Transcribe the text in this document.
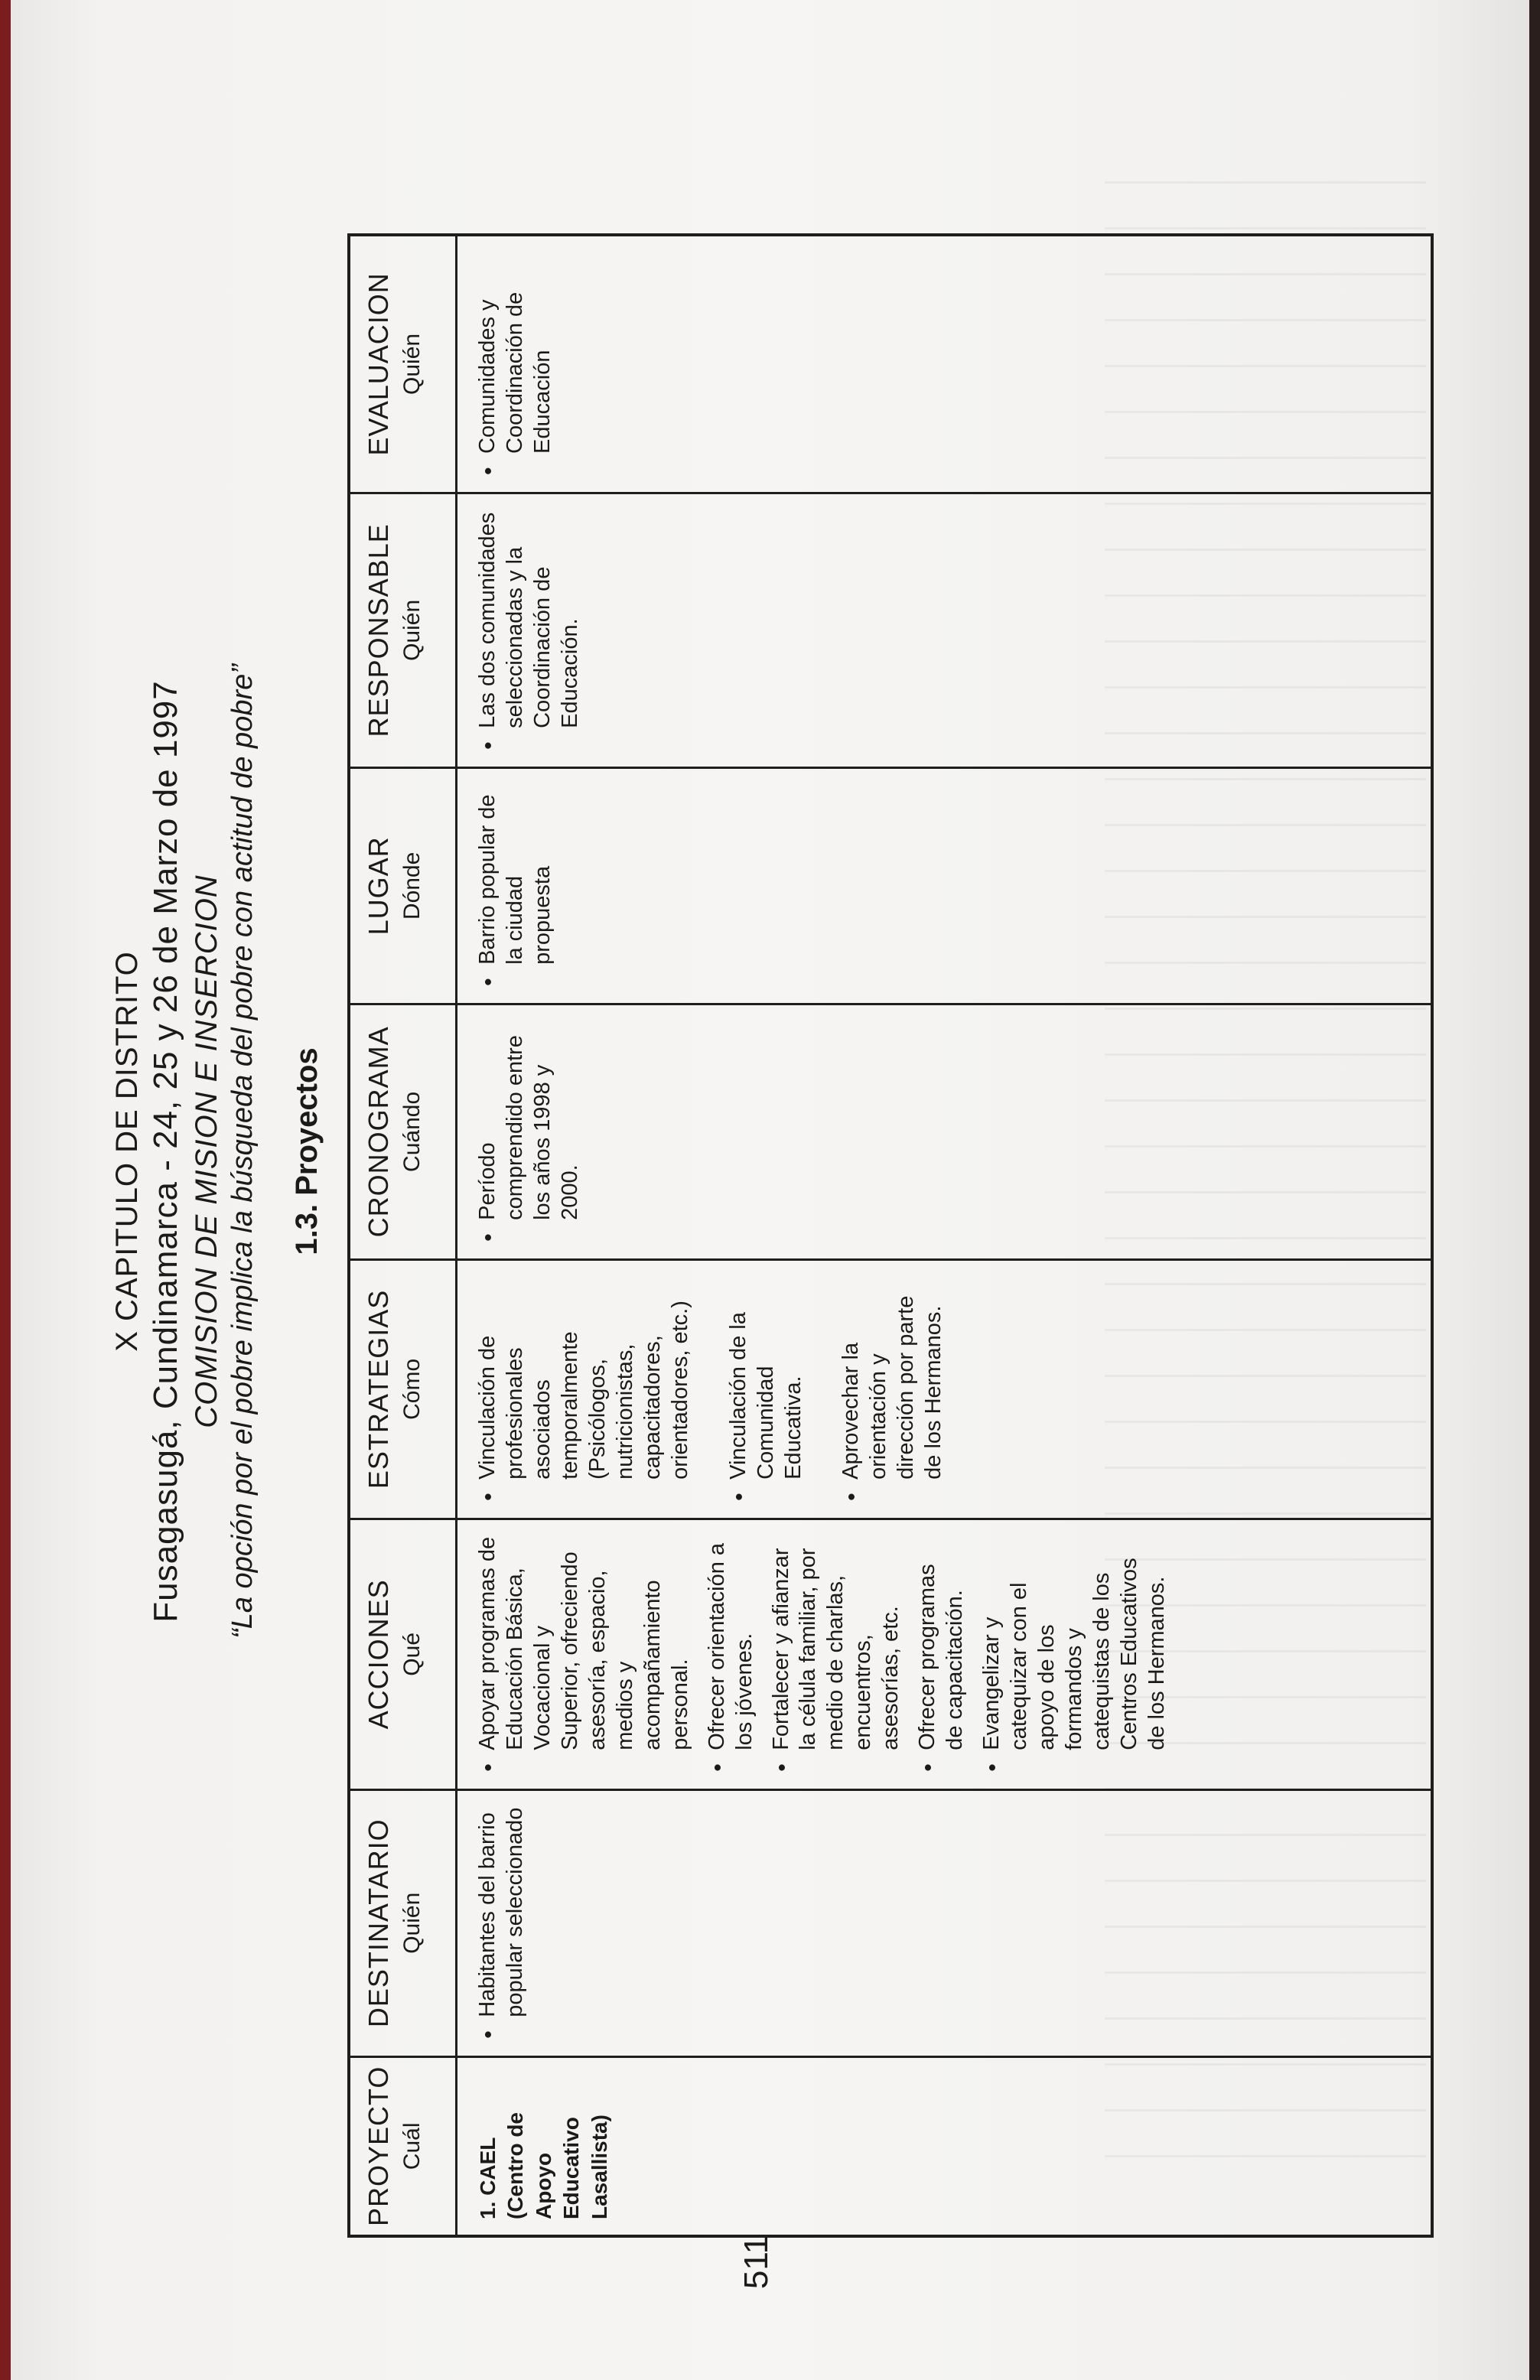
X CAPITULO DE DISTRITO Fusagasugá, Cundinamarca - 24, 25 y 26 de Marzo de 1997 COMISION DE MISION E INSERCION “La opción por el pobre implica la búsqueda del pobre con actitud de pobre” 1.3. Proyectos
PROYECTO Cuál 1. CAEL (Centro de Apoyo Educativo Lasallista)
DESTINATARIO Quién • Habitantes del barrio popular seleccionado
ACCIONES Qué • Apoyar programas de Educación Básica, Vocacional y Superior, ofreciendo asesoría, espacio, medios y acompañamiento personal. • Ofrecer orientación a los jóvenes. • Fortalecer y afianzar la célula familiar, por medio de charlas, encuentros, asesorías, etc. • Ofrecer programas de capacitación. • Evangelizar y catequizar con el apoyo de los formandos y catequistas de los Centros Educativos de los Hermanos.
ESTRATEGIAS Cómo • Vinculación de profesionales asociados temporalmente (Psicólogos, nutricionistas, capacitadores, orientadores, etc.) • Vinculación de la Comunidad Educativa. • Aprovechar la orientación y dirección por parte de los Hermanos.
CRONOGRAMA Cuándo
• Período comprendido entre los años 1998 y 2000.
LUGAR Dónde • Barrio popular de la ciudad propuesta
RESPONSABLE Quién • Las dos comunidades seleccionadas y la Coordinación de Educación.
EVALUACION Quién • Comunidades y Coordinación de Educación
511
